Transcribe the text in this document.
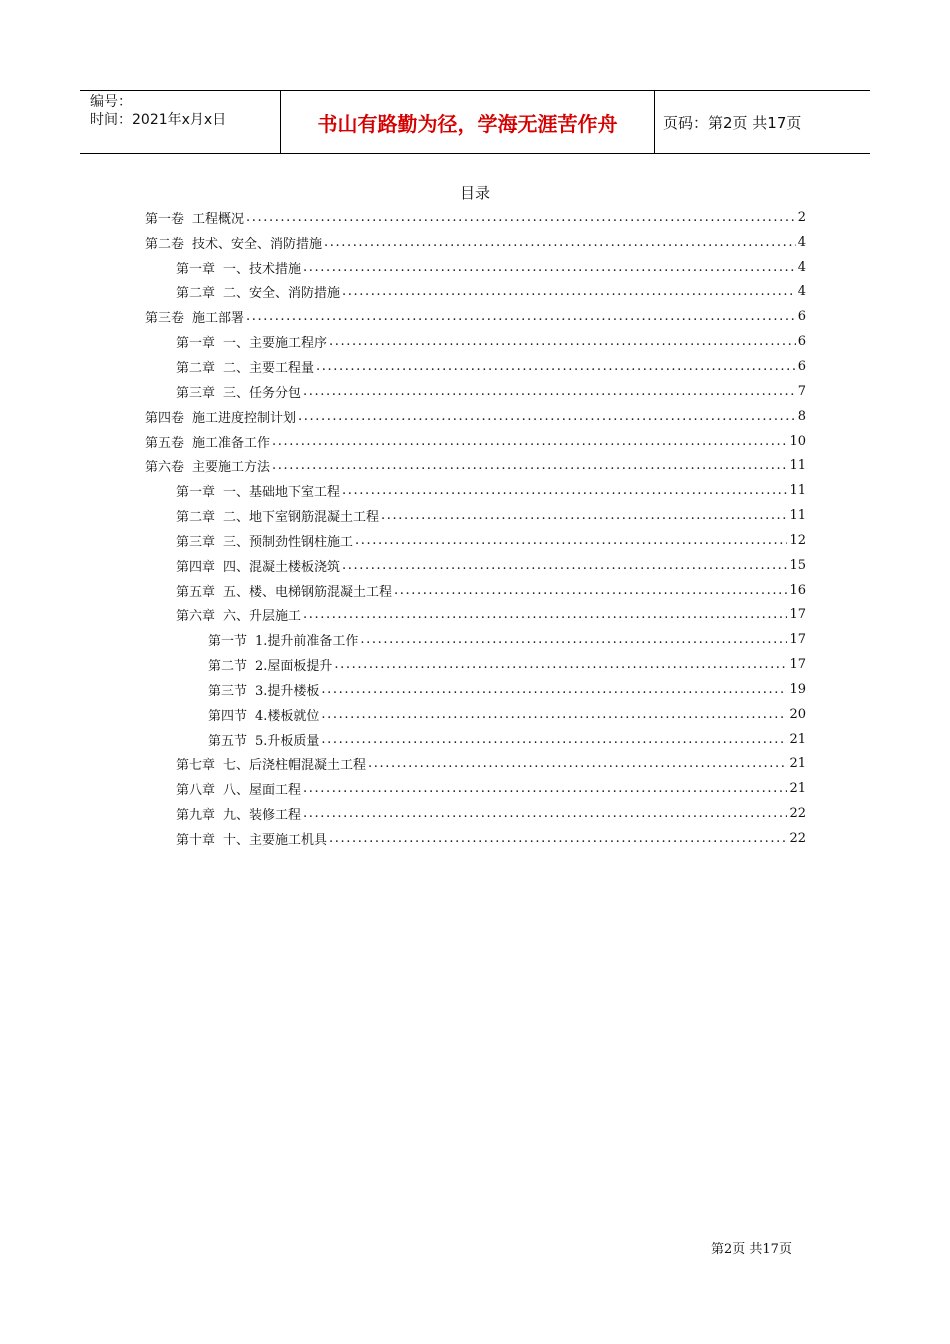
编号：
时间：2021年x月x日	书山有路勤为径，学海无涯苦作舟	页码：第2页 共17页
目录
第一卷 工程概况 .....	2
第二卷 技术、安全、消防措施 .....	4
第一章 一、技术措施 .....	4
第二章 二、安全、消防措施 .....	4
第三卷 施工部署 .....	6
第一章 一、主要施工程序 .....	6
第二章 二、主要工程量 .....	6
第三章 三、任务分包 .....	7
第四卷 施工进度控制计划 .....	8
第五卷 施工准备工作 .....	10
第六卷 主要施工方法 .....	11
第一章 一、基础地下室工程 .....	11
第二章 二、地下室钢筋混凝土工程 .....	11
第三章 三、预制劲性钢柱施工 .....	12
第四章 四、混凝土楼板浇筑 .....	15
第五章 五、楼、电梯钢筋混凝土工程 .....	16
第六章 六、升层施工 .....	17
第一节 1.提升前准备工作 .....	17
第二节 2.屋面板提升 .....	17
第三节 3.提升楼板 .....	19
第四节 4.楼板就位 .....	20
第五节 5.升板质量 .....	21
第七章 七、后浇柱帽混凝土工程 .....	21
第八章 八、屋面工程 .....	21
第九章 九、装修工程 .....	22
第十章 十、主要施工机具 .....	22
第2页 共17页
